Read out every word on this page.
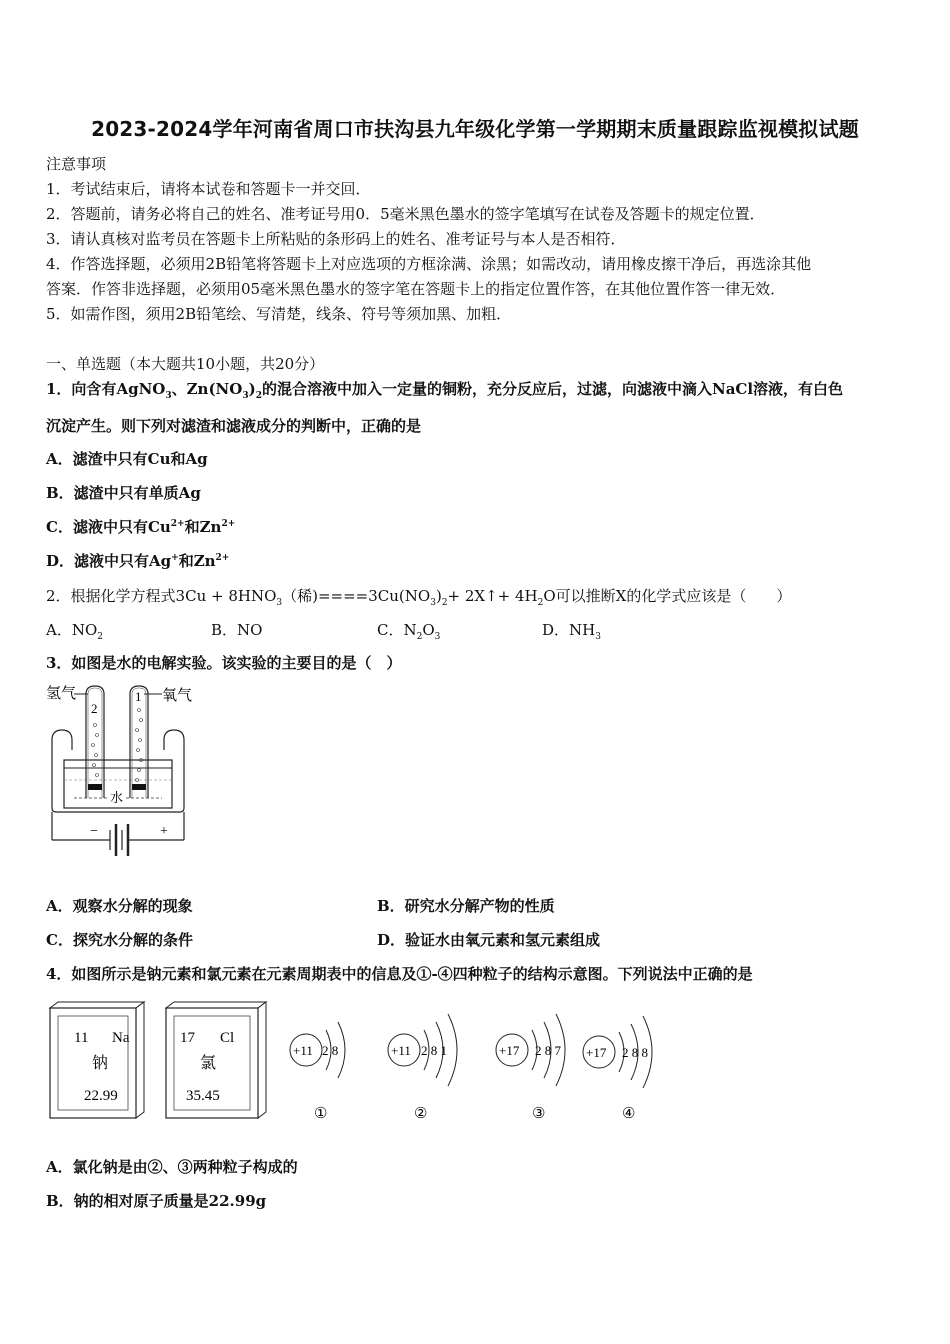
2023-2024学年河南省周口市扶沟县九年级化学第一学期期末质量跟踪监视模拟试题
注意事项
1．考试结束后，请将本试卷和答题卡一并交回．
2．答题前，请务必将自己的姓名、准考证号用0．5毫米黑色墨水的签字笔填写在试卷及答题卡的规定位置．
3．请认真核对监考员在答题卡上所粘贴的条形码上的姓名、准考证号与本人是否相符．
4．作答选择题，必须用2B铅笔将答题卡上对应选项的方框涂满、涂黑；如需改动，请用橡皮擦干净后，再选涂其他
答案．作答非选择题，必须用05毫米黑色墨水的签字笔在答题卡上的指定位置作答，在其他位置作答一律无效．
5．如需作图，须用2B铅笔绘、写清楚，线条、符号等须加黑、加粗．
一、单选题（本大题共10小题，共20分）
1．向含有AgNO$_3$、$Zn(NO_3)_2$的混合溶液中加入一定量的铜粉，充分反应后，过滤，向滤液中滴入NaCl溶液，有白色
沉淀产生。则下列对滤渣和滤液成分的判断中，正确的是
A．滤渣中只有Cu和Ag
B．滤渣中只有单质Ag
C．滤液中只有$Cu^{2+}$和$Zn^{2+}$
D．滤液中只有Ag+和$Zn^{2+}$
2．根据化学方程式$3Cu + 8HNO_3$（稀)$====3Cu(NO_3)_2+$ 2X↑+ $4H_2O$可以推断X的化学式应该是（　　）
A．$NO_2$	B．NO	C．$N_2O_3$	D．$NH_3$
3．如图是水的电解实验。该实验的主要目的是（　）
氢气	氧气
2
1
水
−	+
A．观察水分解的现象	B．研究水分解产物的性质
C．探究水分解的条件	D．验证水由氧元素和氢元素组成
4．如图所示是钠元素和氯元素在元素周期表中的信息及①-④四种粒子的结构示意图。下列说法中正确的是
11 Na
钠
22.99
17 Cl
氯
35.45
+11 2 8
①
+11 2 8 1
②
+17 2 8 7
③
+17 2 8 8
④
A．氯化钠是由②、③两种粒子构成的
B．钠的相对原子质量是22.99g
